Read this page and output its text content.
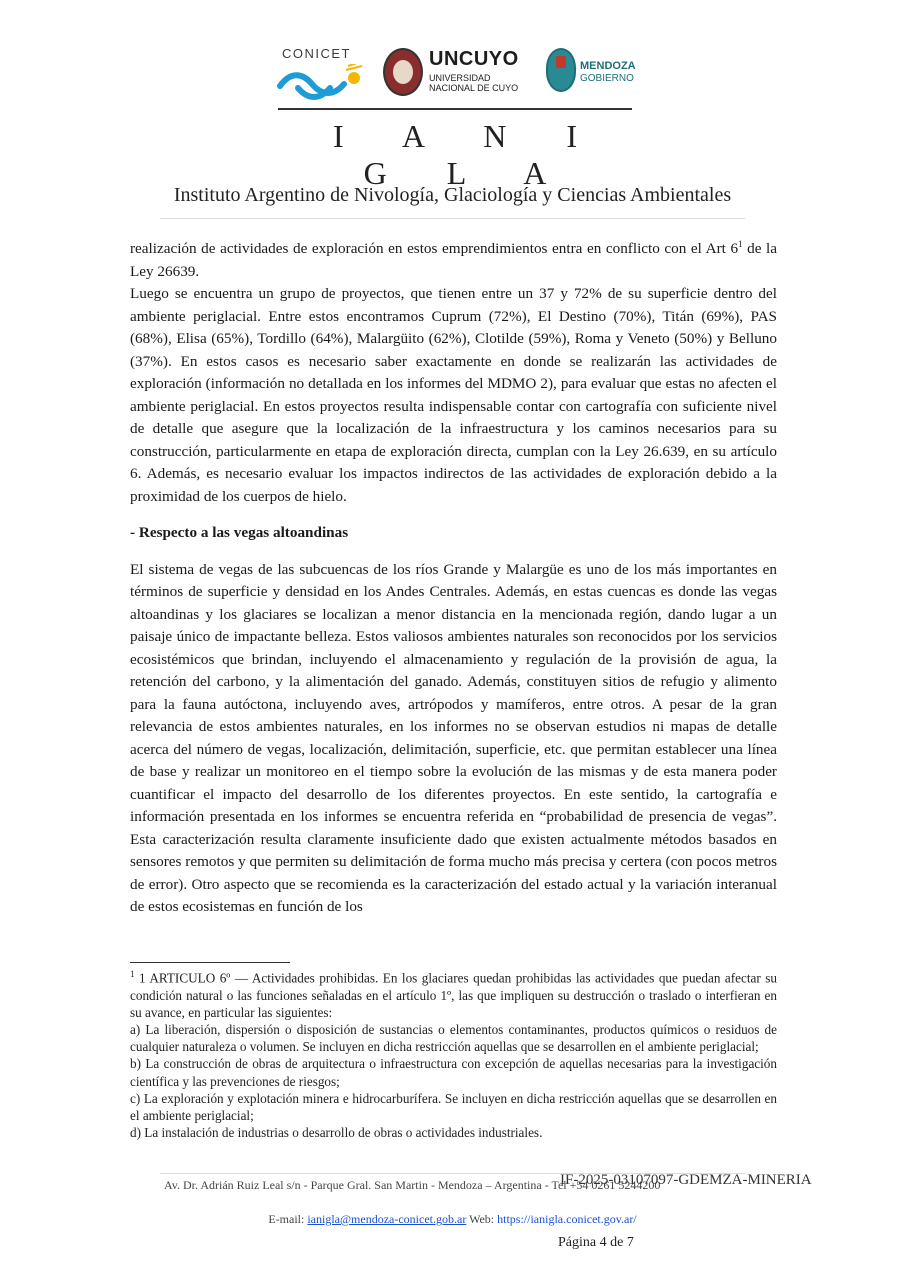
CONICET	UNCUYO
UNIVERSIDAD
NACIONAL DE CUYO
MENDOZA
GOBIERNO
I A N I G L A
Instituto Argentino de Nivología, Glaciología y Ciencias Ambientales

realización de actividades de exploración en estos emprendimientos entra en conflicto con el Art $6^1$ de la Ley 26639.

Luego se encuentra un grupo de proyectos, que tienen entre un 37 y 72% de su superficie dentro del ambiente periglacial. Entre estos encontramos Cuprum (72%), El Destino (70%), Titán (69%), PAS (68%), Elisa (65%), Tordillo (64%), Malargüito (62%), Clotilde (59%), Roma y Veneto (50%) y Belluno (37%). En estos casos es necesario saber exactamente en donde se realizarán las actividades de exploración (información no detallada en los informes del MDMO 2), para evaluar que estas no afecten el ambiente periglacial. En estos proyectos resulta indispensable contar con cartografía con suficiente nivel de detalle que asegure que la localización de la infraestructura y los caminos necesarios para su construcción, particularmente en etapa de exploración directa, cumplan con la Ley 26.639, en su artículo 6. Además, es necesario evaluar los impactos indirectos de las actividades de exploración debido a la proximidad de los cuerpos de hielo.

- Respecto a las vegas altoandinas

El sistema de vegas de las subcuencas de los ríos Grande y Malargüe es uno de los más importantes en términos de superficie y densidad en los Andes Centrales. Además, en estas cuencas es donde las vegas altoandinas y los glaciares se localizan a menor distancia en la mencionada región, dando lugar a un paisaje único de impactante belleza. Estos valiosos ambientes naturales son reconocidos por los servicios ecosistémicos que brindan, incluyendo el almacenamiento y regulación de la provisión de agua, la retención del carbono, y la alimentación del ganado. Además, constituyen sitios de refugio y alimento para la fauna autóctona, incluyendo aves, artrópodos y mamíferos, entre otros. A pesar de la gran relevancia de estos ambientes naturales, en los informes no se observan estudios ni mapas de detalle acerca del número de vegas, localización, delimitación, superficie, etc. que permitan establecer una línea de base y realizar un monitoreo en el tiempo sobre la evolución de las mismas y de esta manera poder cuantificar el impacto del desarrollo de los diferentes proyectos. En este sentido, la cartografía e información presentada en los informes se encuentra referida en “probabilidad de presencia de vegas”. Esta caracterización resulta claramente insuficiente dado que existen actualmente métodos basados en sensores remotos y que permiten su delimitación de forma mucho más precisa y certera (con pocos metros de error). Otro aspecto que se recomienda es la caracterización del estado actual y la variación interanual de estos ecosistemas en función de los

$^1$ 1 ARTICULO 6º — Actividades prohibidas. En los glaciares quedan prohibidas las actividades que puedan afectar su condición natural o las funciones señaladas en el artículo 1º, las que impliquen su destrucción o traslado o interfieran en su avance, en particular las siguientes:

a) La liberación, dispersión o disposición de sustancias o elementos contaminantes, productos químicos o residuos de cualquier naturaleza o volumen. Se incluyen en dicha restricción aquellas que se desarrollen en el ambiente periglacial;

b) La construcción de obras de arquitectura o infraestructura con excepción de aquellas necesarias para la investigación científica y las prevenciones de riesgos;

c) La exploración y explotación minera e hidrocarburífera. Se incluyen en dicha restricción aquellas que se desarrollen en el ambiente periglacial;

d) La instalación de industrias o desarrollo de obras o actividades industriales.

Av. Dr. Adrián Ruiz Leal s/n - Parque Gral. San Martin - Mendoza – Argentina - Tel +54 0261 5244200
IF-2025-03107097-GDEMZA-MINERIA
E-mail: ianigla@mendoza-conicet.gob.ar Web: https://ianigla.conicet.gov.ar/
Página 4 de 7
